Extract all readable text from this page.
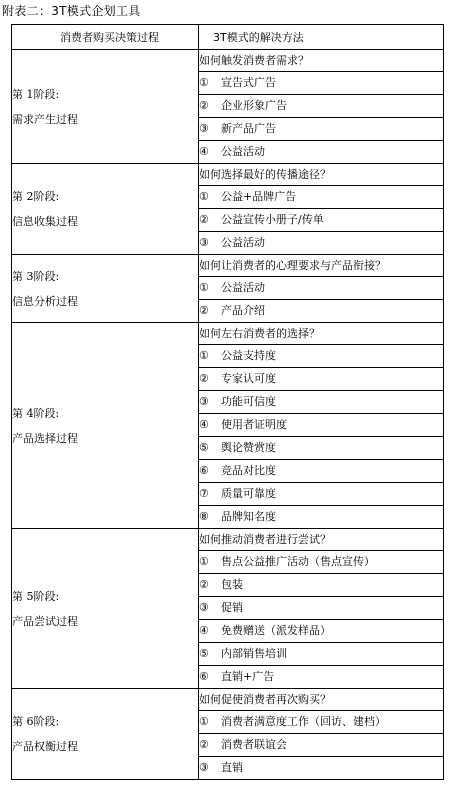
附表二：3T模式企划工具
消费者购买决策过程	3T模式的解决方法

第 1阶段:
需求产生过程	如何触发消费者需求？
	① 宣告式广告
	② 企业形象广告
	③ 新产品广告
	④ 公益活动

第 2阶段:
信息收集过程	如何选择最好的传播途径？
	① 公益+品牌广告
	② 公益宣传小册子/传单
	③ 公益活动

第 3阶段:
信息分析过程	如何让消费者的心理要求与产品衔接？
	① 公益活动
	② 产品介绍

第 4阶段:
产品选择过程	如何左右消费者的选择？
	① 公益支持度
	② 专家认可度
	③ 功能可信度
	④ 使用者证明度
	⑤ 舆论赞赏度
	⑥ 竞品对比度
	⑦ 质量可靠度
	⑧ 品牌知名度

第 5阶段:
产品尝试过程	如何推动消费者进行尝试？
	① 售点公益推广活动（售点宣传）
	② 包装
	③ 促销
	④ 免费赠送（派发样品）
	⑤ 内部销售培训
	⑥ 直销+广告

第 6阶段:
产品权衡过程	如何促使消费者再次购买？
	① 消费者满意度工作（回访、建档）
	② 消费者联谊会
	③ 直销
